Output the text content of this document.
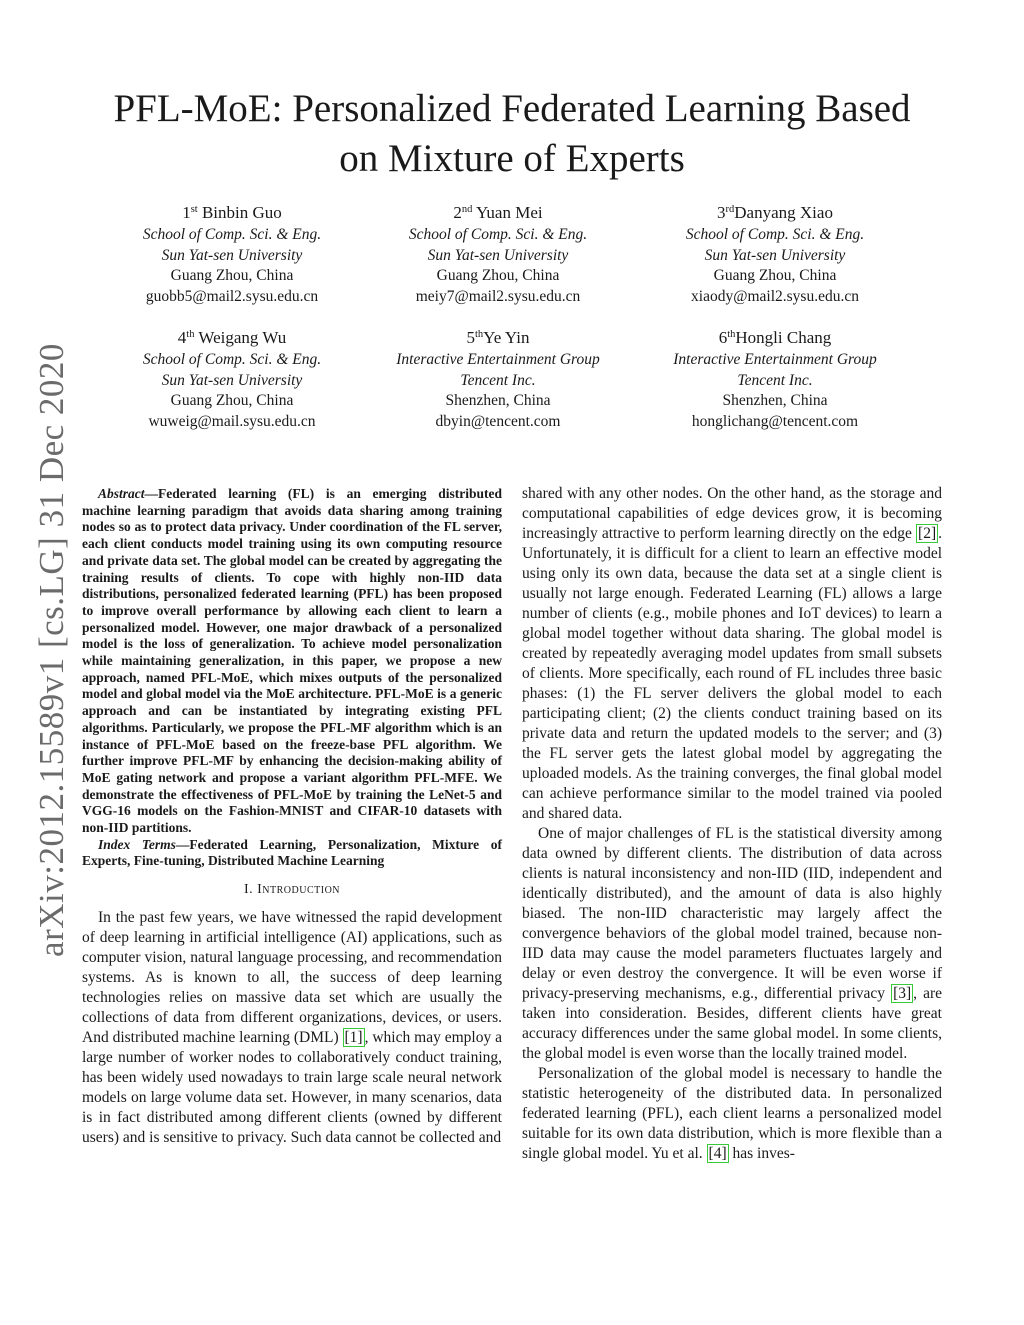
arXiv:2012.15589v1 [cs.LG] 31 Dec 2020
PFL-MoE: Personalized Federated Learning Based
on Mixture of Experts
1st Binbin Guo
School of Comp. Sci. & Eng.
Sun Yat-sen University
Guang Zhou, China
guobb5@mail2.sysu.edu.cn
2nd Yuan Mei
School of Comp. Sci. & Eng.
Sun Yat-sen University
Guang Zhou, China
meiy7@mail2.sysu.edu.cn
3rdDanyang Xiao
School of Comp. Sci. & Eng.
Sun Yat-sen University
Guang Zhou, China
xiaody@mail2.sysu.edu.cn
4th Weigang Wu
School of Comp. Sci. & Eng.
Sun Yat-sen University
Guang Zhou, China
wuweig@mail.sysu.edu.cn
5thYe Yin
Interactive Entertainment Group
Tencent Inc.
Shenzhen, China
dbyin@tencent.com
6thHongli Chang
Interactive Entertainment Group
Tencent Inc.
Shenzhen, China
honglichang@tencent.com

Abstract—Federated learning (FL) is an emerging distributed machine learning paradigm that avoids data sharing among training nodes so as to protect data privacy. Under coordination of the FL server, each client conducts model training using its own computing resource and private data set. The global model can be created by aggregating the training results of clients. To cope with highly non-IID data distributions, personalized federated learning (PFL) has been proposed to improve overall performance by allowing each client to learn a personalized model. However, one major drawback of a personalized model is the loss of generalization. To achieve model personalization while maintaining generalization, in this paper, we propose a new approach, named PFL-MoE, which mixes outputs of the personalized model and global model via the MoE architecture. PFL-MoE is a generic approach and can be instantiated by integrating existing PFL algorithms. Particularly, we propose the PFL-MF algorithm which is an instance of PFL-MoE based on the freeze-base PFL algorithm. We further improve PFL-MF by enhancing the decision-making ability of MoE gating network and propose a variant algorithm PFL-MFE. We demonstrate the effectiveness of PFL-MoE by training the LeNet-5 and VGG-16 models on the Fashion-MNIST and CIFAR-10 datasets with non-IID partitions.

Index Terms—Federated Learning, Personalization, Mixture of Experts, Fine-tuning, Distributed Machine Learning

I. Introduction

In the past few years, we have witnessed the rapid development of deep learning in artificial intelligence (AI) applications, such as computer vision, natural language processing, and recommendation systems. As is known to all, the success of deep learning technologies relies on massive data set which are usually the collections of data from different organizations, devices, or users. And distributed machine learning (DML) [1] , which may employ a large number of worker nodes to collaboratively conduct training, has been widely used nowadays to train large scale neural network models on large volume data set. However, in many scenarios, data is in fact distributed among different clients (owned by different users) and is sensitive to privacy. Such data cannot be collected and

shared with any other nodes. On the other hand, as the storage and computational capabilities of edge devices grow, it is becoming increasingly attractive to perform learning directly on the edge [2] . Unfortunately, it is difficult for a client to learn an effective model using only its own data, because the data set at a single client is usually not large enough. Federated Learning (FL) allows a large number of clients (e.g., mobile phones and IoT devices) to learn a global model together without data sharing. The global model is created by repeatedly averaging model updates from small subsets of clients. More specifically, each round of FL includes three basic phases: (1) the FL server delivers the global model to each participating client; (2) the clients conduct training based on its private data and return the updated models to the server; and (3) the FL server gets the latest global model by aggregating the uploaded models. As the training converges, the final global model can achieve performance similar to the model trained via pooled and shared data.

One of major challenges of FL is the statistical diversity among data owned by different clients. The distribution of data across clients is natural inconsistency and non-IID (IID, independent and identically distributed), and the amount of data is also highly biased. The non-IID characteristic may largely affect the convergence behaviors of the global model trained, because non-IID data may cause the model parameters fluctuates largely and delay or even destroy the convergence. It will be even worse if privacy-preserving mechanisms, e.g., differential privacy [3] , are taken into consideration. Besides, different clients have great accuracy differences under the same global model. In some clients, the global model is even worse than the locally trained model.

Personalization of the global model is necessary to handle the statistic heterogeneity of the distributed data. In personalized federated learning (PFL), each client learns a personalized model suitable for its own data distribution, which is more flexible than a single global model. Yu et al. [4] has inves-
